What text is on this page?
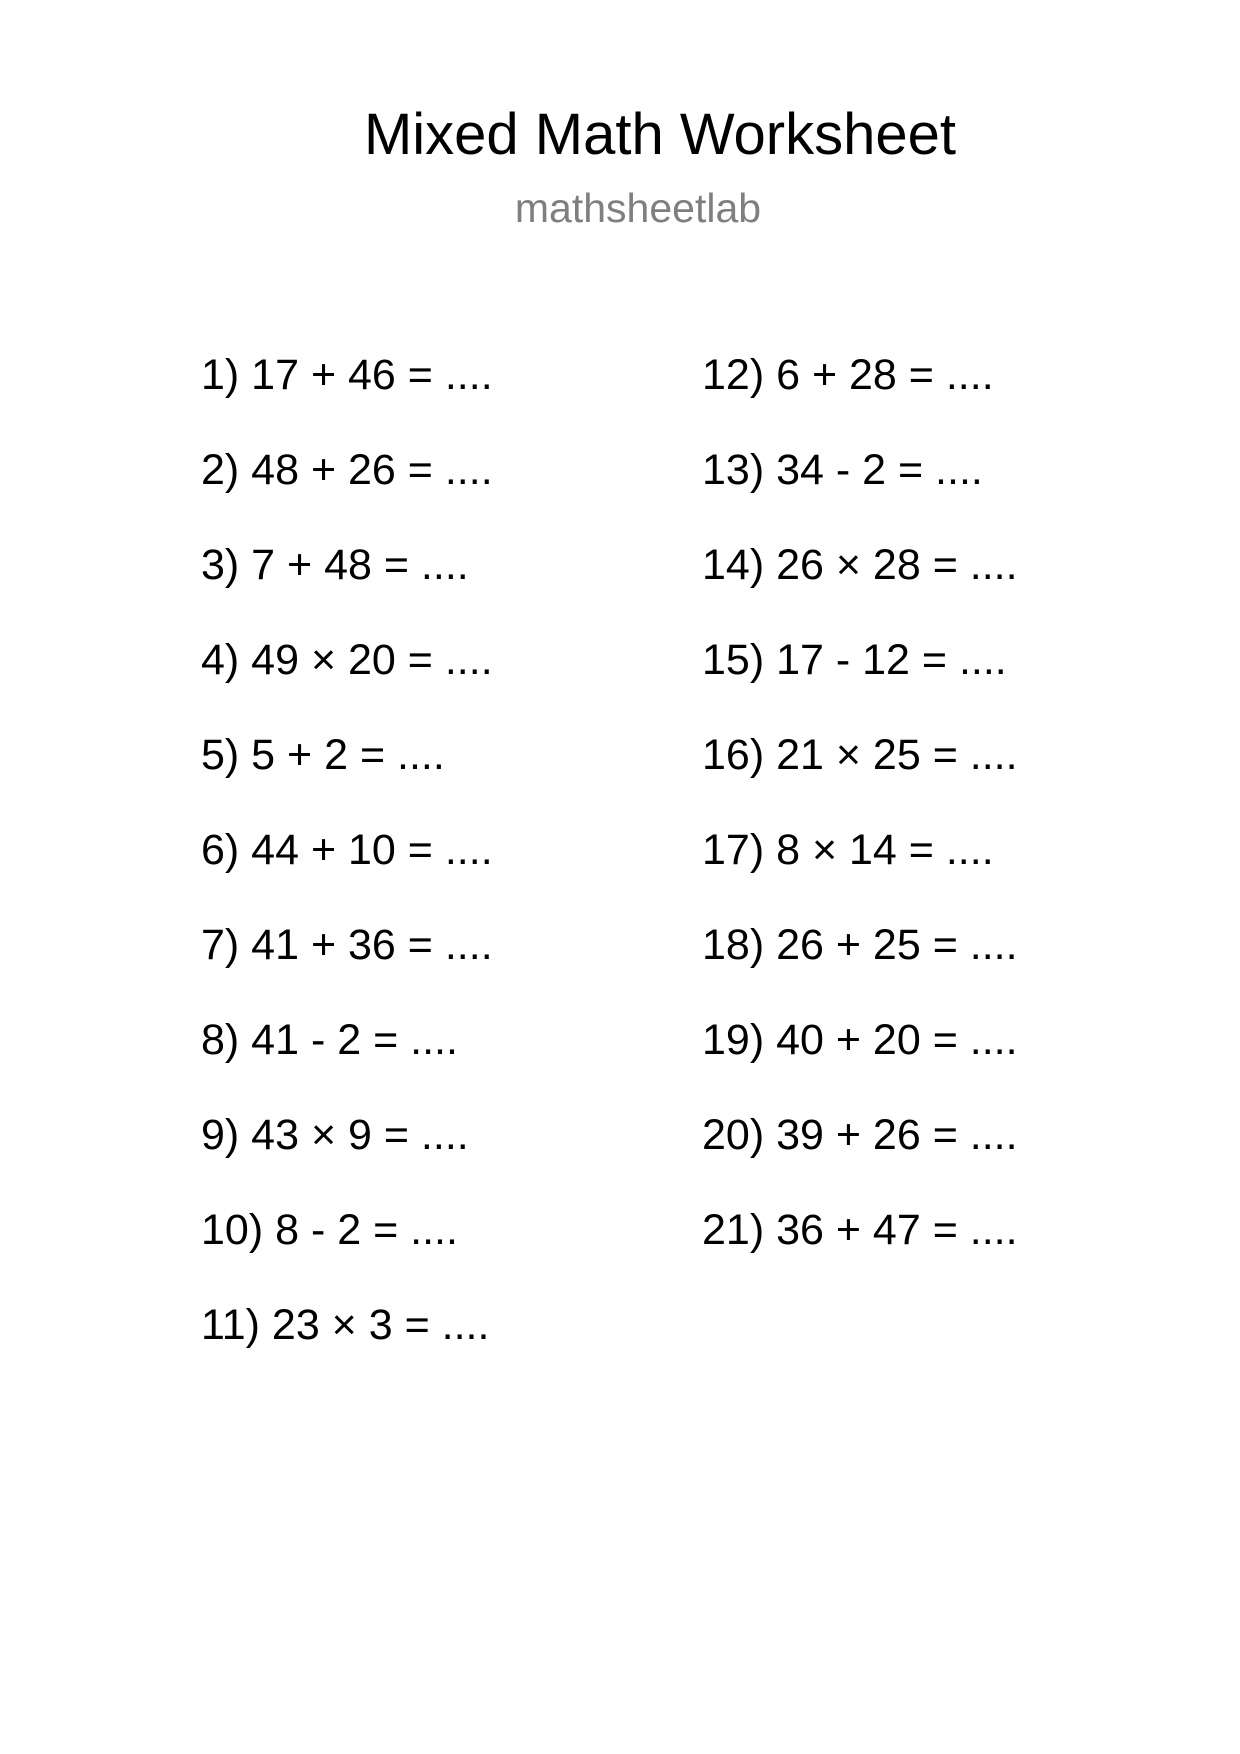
Mixed Math Worksheet
mathsheetlab
1) 17 + 46 = ....
2) 48 + 26 = ....
3) 7 + 48 = ....
4) 49 × 20 = ....
5) 5 + 2 = ....
6) 44 + 10 = ....
7) 41 + 36 = ....
8) 41 - 2 = ....
9) 43 × 9 = ....
10) 8 - 2 = ....
11) 23 × 3 = ....
12) 6 + 28 = ....
13) 34 - 2 = ....
14) 26 × 28 = ....
15) 17 - 12 = ....
16) 21 × 25 = ....
17) 8 × 14 = ....
18) 26 + 25 = ....
19) 40 + 20 = ....
20) 39 + 26 = ....
21) 36 + 47 = ....
